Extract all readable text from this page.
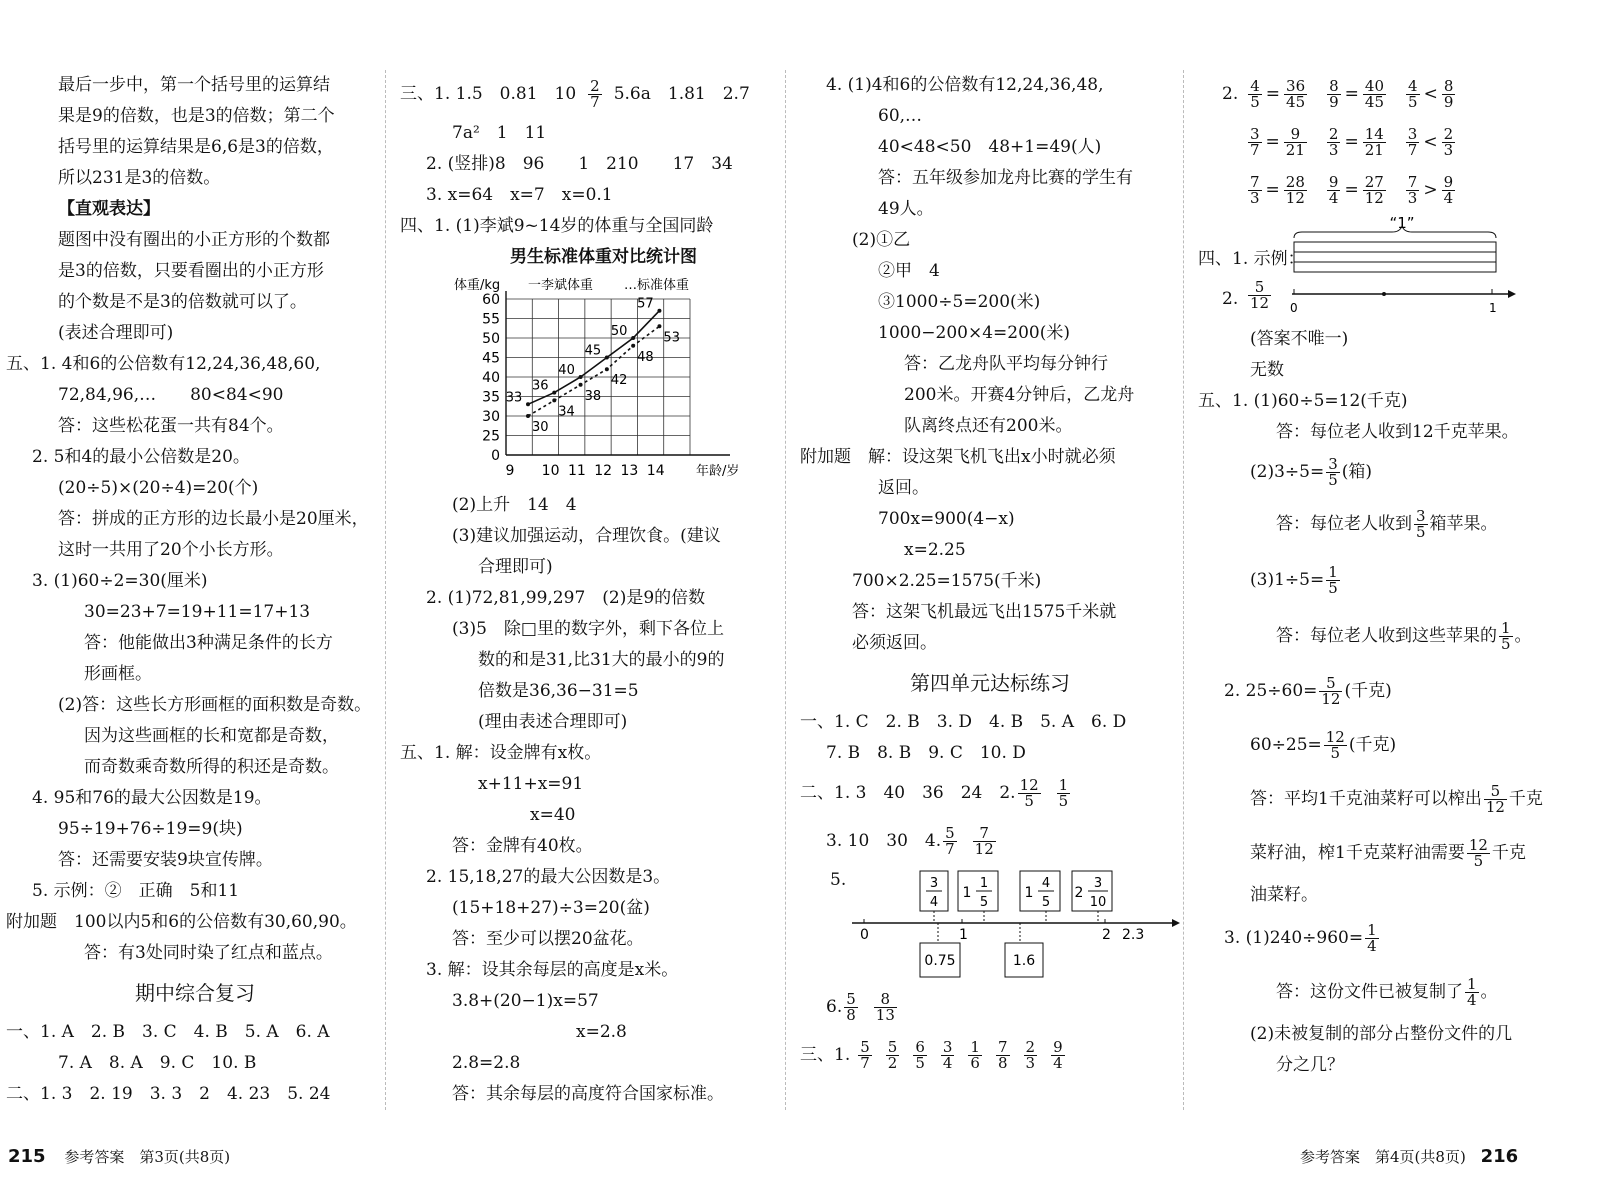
最后一步中，第一个括号里的运算结
果是9的倍数，也是3的倍数；第二个
括号里的运算结果是6,6是3的倍数，
所以231是3的倍数。
【直观表达】
题图中没有圈出的小正方形的个数都
是3的倍数，只要看圈出的小正方形
的个数是不是3的倍数就可以了。
(表述合理即可)
五、1. 4和6的公倍数有12,24,36,48,60,
72,84,96,…　　80<84<90
答：这些松花蛋一共有84个。
2. 5和4的最小公倍数是20。
(20÷5)×(20÷4)=20(个)
答：拼成的正方形的边长最小是20厘米，
这时一共用了20个小长方形。
3. (1)60÷2=30(厘米)
30=23+7=19+11=17+13
答：他能做出3种满足条件的长方
形画框。
(2)答：这些长方形画框的面积数是奇数。
因为这些画框的长和宽都是奇数，
而奇数乘奇数所得的积还是奇数。
4. 95和76的最大公因数是19。
95÷19+76÷19=9(块)
答：还需要安装9块宣传牌。
5. 示例：②　正确　5和11
附加题　100以内5和6的公倍数有30,60,90。
答：有3处同时染了红点和蓝点。
期中综合复习
一、1. A　2. B　3. C　4. B　5. A　6. A
7. A　8. A　9. C　10. B
二、1. 3　2. 19　3. 3　2　4. 23　5. 24
三、1. 1.5　0.81　$10 \frac{2}{7} 5.6a$　1.81　2.7
7a²　1　11
2. (竖排)8　96　　1　210　　17　34
3. x=64　x=7　x=0.1
四、1. (1)李斌9~14岁的体重与全国同龄
男生标准体重对比统计图
0
25
30
35
40
45
50
55
60
9 10 11 12 13 14
体重/kg
年龄/岁
一李斌体重 …标准体重
33
36
40
45
50
57
30
34
38
42
48
53
(2)上升　14　4
(3)建议加强运动，合理饮食。(建议
合理即可)
2. (1)72,81,99,297　(2)是9的倍数
(3)5　除□里的数字外，剩下各位上
数的和是31,比31大的最小的9的
倍数是36,36−31=5
(理由表述合理即可)
五、1. 解：设金牌有x枚。
x+11+x=91
x=40
答：金牌有40枚。
2. 15,18,27的最大公因数是3。
(15+18+27)÷3=20(盆)
答：至少可以摆20盆花。
3. 解：设其余每层的高度是x米。
3.8+(20−1)x=57
x=2.8
2.8=2.8
答：其余每层的高度符合国家标准。
4. (1)4和6的公倍数有12,24,36,48,
60,…
40<48<50　48+1=49(人)
答：五年级参加龙舟比赛的学生有
49人。
(2)①乙
②甲　4
③1000÷5=200(米)
1000−200×4=200(米)
答：乙龙舟队平均每分钟行
200米。开赛4分钟后，乙龙舟
队离终点还有200米。
附加题　解：设这架飞机飞出x小时就必须
返回。
700x=900(4−x)
x=2.25
700×2.25=1575(千米)
答：这架飞机最远飞出1575千米就
必须返回。
第四单元达标练习
一、1. C　2. B　3. D　4. B　5. A　6. D
7. B　8. B　9. C　10. D
二、1. 3　40　36　24　2. $\frac{12}{5} \frac{1}{5}$
3. 10　30　4. $\frac{5}{7} \frac{7}{12}$
5.
0	1	2 2.3
3
4
1
1
5
1
4
5
2
3
10
0.75	1.6
6. $\frac{5}{8} \frac{8}{13}$
三、1. $\frac{5}{7} \frac{5}{2} \frac{6}{5} \frac{3}{4} \frac{1}{6} \frac{7}{8} \frac{2}{3} \frac{9}{4}$
2. $\frac{4}{5} = \frac{36}{45} \frac{8}{9} = \frac{40}{45} \frac{4}{5} < \frac{8}{9}$
$\frac{3}{7} = \frac{9}{21} \frac{2}{3} = \frac{14}{21} \frac{3}{7} < \frac{2}{3}$
$\frac{7}{3} = \frac{28}{12} \frac{9}{4} = \frac{27}{12} \frac{7}{3} > \frac{9}{4}$
四、1. 示例：
“1”
2. $\frac{5}{12} 0$	1
(答案不唯一)
无数
五、1. (1)60÷5=12(千克)
答：每位老人收到12千克苹果。
$(2)3\div 5= \frac{3}{5}$ (箱)
答：每位老人收到 $\frac{3}{5}$ 箱苹果。
$(3)1\div 5= \frac{1}{5}$
答：每位老人收到这些苹果的 $\frac{1}{5}$ 。
2. $25\div 60= \frac{5}{12}$ (千克)
$60\div 25= \frac{12}{5}$ (千克)
答：平均1千克油菜籽可以榨出 $\frac{5}{12}$ 千克
菜籽油，榨1千克菜籽油需要 $\frac{12}{5}$ 千克
油菜籽。
3. $(1)240\div 960= \frac{1}{4}$
答：这份文件已被复制了 $\frac{1}{4}$ 。
(2)未被复制的部分占整份文件的几
分之几？
215 参考答案　第3页(共8页)	参考答案　第4页(共8页) 216
